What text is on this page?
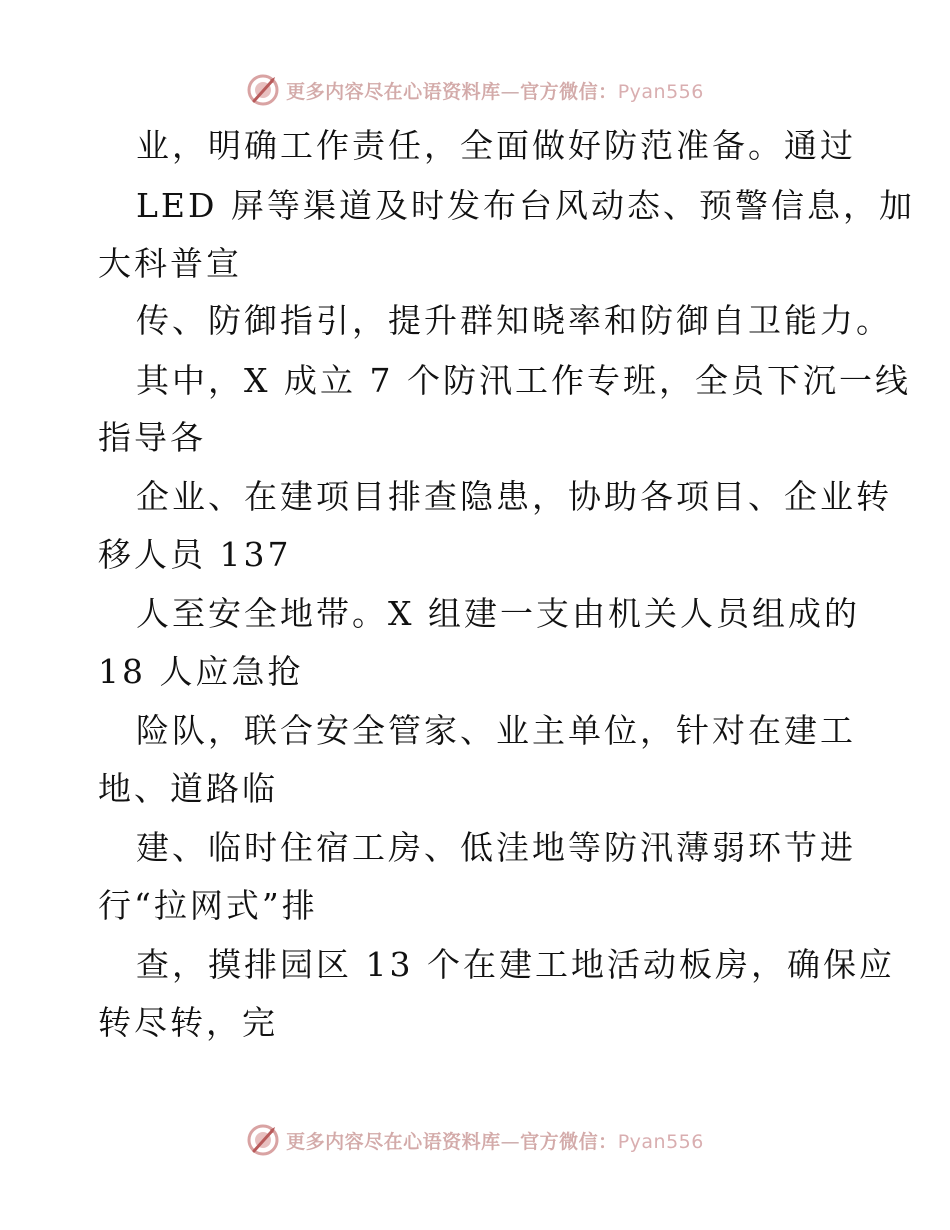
更多内容尽在心语资料库—官方微信：Pyan556
业，明确工作责任，全面做好防范准备。通过
LED 屏等渠道及时发布台风动态、预警信息，加
大科普宣
传、防御指引，提升群知晓率和防御自卫能力。
其中，X 成立 7 个防汛工作专班，全员下沉一线
指导各
企业、在建项目排查隐患，协助各项目、企业转
移人员 137
人至安全地带。X 组建一支由机关人员组成的
18 人应急抢
险队，联合安全管家、业主单位，针对在建工
地、道路临
建、临时住宿工房、低洼地等防汛薄弱环节进
行“拉网式”排
查，摸排园区 13 个在建工地活动板房，确保应
转尽转，完
更多内容尽在心语资料库—官方微信：Pyan556
